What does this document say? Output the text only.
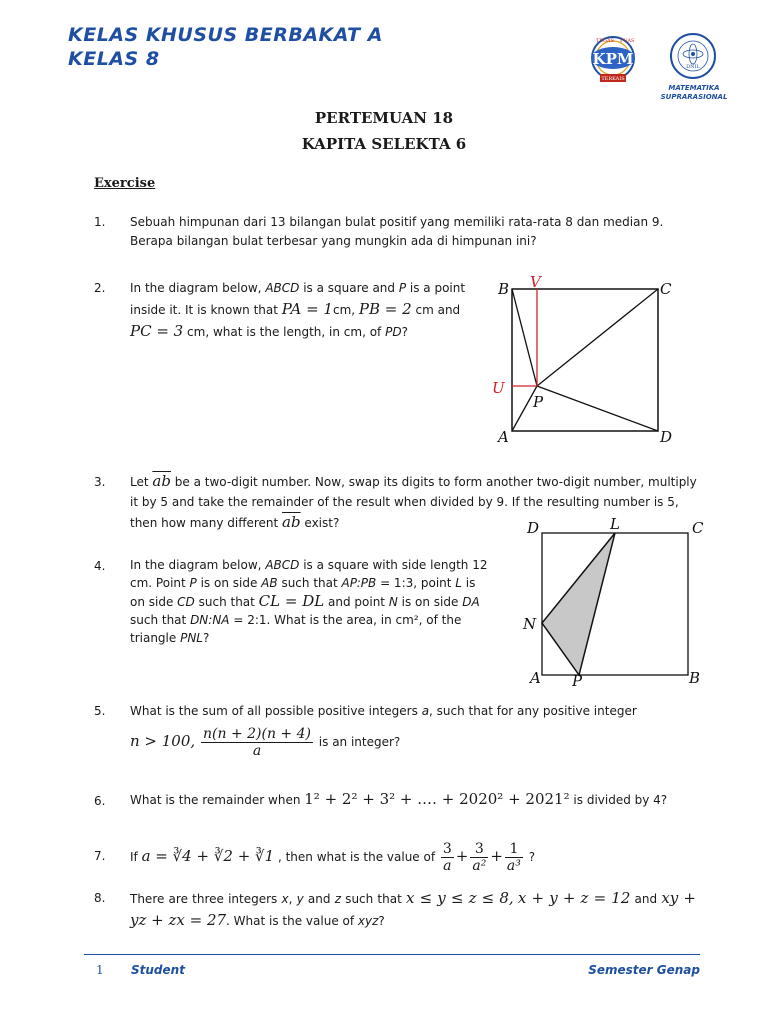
KELAS KHUSUS BERBAKAT A
KELAS 8	KPM
TEGAS PUAS
TERKAIS
DNIL
MATEMATIKA
SUPRARASIONAL
PERTEMUAN 18
KAPITA SELEKTA 6
Exercise
1. Sebuah himpunan dari 13 bilangan bulat positif yang memiliki rata-rata 8 dan median 9. Berapa bilangan bulat terbesar yang mungkin ada di himpunan ini?
2. In the diagram below, ABCD is a square and P is a point inside it. It is known that PA = 1cm, PB = 2 cm and PC = 3 cm, what is the length, in cm, of PD?
B V	C
U
P
A	D
3. Let $\overline{ab}$ be a two-digit number. Now, swap its digits to form another two-digit number, multiply it by 5 and take the remainder of the result when divided by 9. If the resulting number is 5, then how many different $\overline{ab}$ exist?
4. In the diagram below, ABCD is a square with side length 12 cm. Point P is on side AB such that AP:PB = 1:3, point L is on side CD such that CL = DL and point N is on side DA such that DN:NA = 2:1. What is the area, in cm², of the triangle PNL?
D	L	C
N
A P	B
5. What is the sum of all possible positive integers a, such that for any positive integer
n > 100, $\frac{n(n + 2)(n + 4)}{a}$ is an integer?
6. What is the remainder when 1² + 2² + 3² + .… + 2020² + 2021² is divided by 4?
7. If a = ∛4 + ∛2 + ∛1 , then what is the value of $\frac{3}{a} + \frac{3}{\text{a²}} + \frac{1}{\text{a³}}$ ?
8. There are three integers x, y and z such that x ≤ y ≤ z ≤ 8, x + y + z = 12 and xy + yz + zx = 27. What is the value of xyz?
1 Student	Semester Genap
